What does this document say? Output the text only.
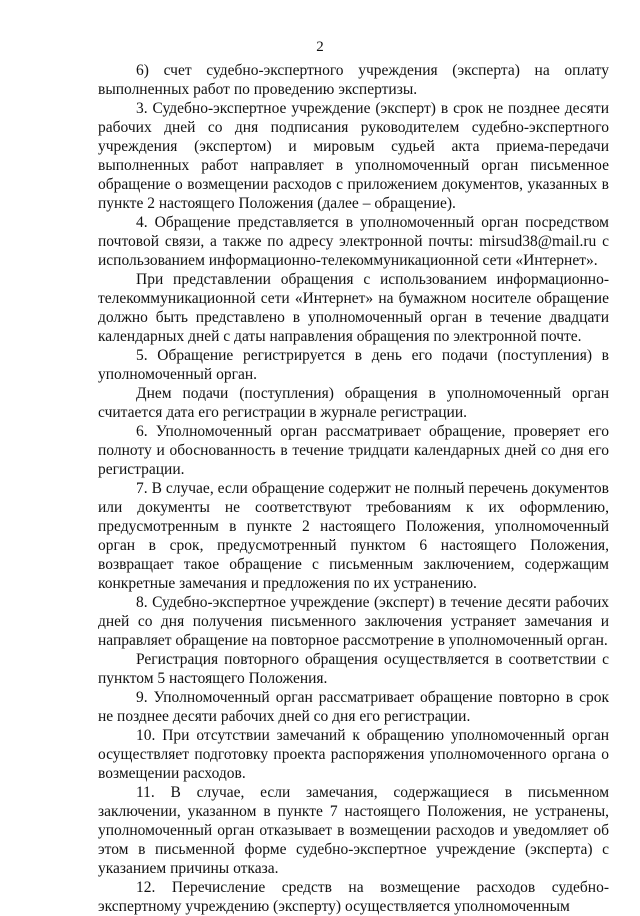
2

6) счет судебно-экспертного учреждения (эксперта) на оплату выполненных работ по проведению экспертизы.

3. Судебно-экспертное учреждение (эксперт) в срок не позднее десяти рабочих дней со дня подписания руководителем судебно-экспертного учреждения (экспертом) и мировым судьей акта приема-передачи выполненных работ направляет в уполномоченный орган письменное обращение о возмещении расходов с приложением документов, указанных в пункте 2 настоящего Положения (далее – обращение).

4. Обращение представляется в уполномоченный орган посредством почтовой связи, а также по адресу электронной почты: mirsud38@mail.ru с использованием информационно-телекоммуникационной сети «Интернет».

При представлении обращения с использованием информационно-телекоммуникационной сети «Интернет» на бумажном носителе обращение должно быть представлено в уполномоченный орган в течение двадцати календарных дней с даты направления обращения по электронной почте.

5. Обращение регистрируется в день его подачи (поступления) в уполномоченный орган.

Днем подачи (поступления) обращения в уполномоченный орган считается дата его регистрации в журнале регистрации.

6. Уполномоченный орган рассматривает обращение, проверяет его полноту и обоснованность в течение тридцати календарных дней со дня его регистрации.

7. В случае, если обращение содержит не полный перечень документов или документы не соответствуют требованиям к их оформлению, предусмотренным в пункте 2 настоящего Положения, уполномоченный орган в срок, предусмотренный пунктом 6 настоящего Положения, возвращает такое обращение с письменным заключением, содержащим конкретные замечания и предложения по их устранению.

8. Судебно-экспертное учреждение (эксперт) в течение десяти рабочих дней со дня получения письменного заключения устраняет замечания и направляет обращение на повторное рассмотрение в уполномоченный орган.

Регистрация повторного обращения осуществляется в соответствии с пунктом 5 настоящего Положения.

9. Уполномоченный орган рассматривает обращение повторно в срок не позднее десяти рабочих дней со дня его регистрации.

10. При отсутствии замечаний к обращению уполномоченный орган осуществляет подготовку проекта распоряжения уполномоченного органа о возмещении расходов.

11. В случае, если замечания, содержащиеся в письменном заключении, указанном в пункте 7 настоящего Положения, не устранены, уполномоченный орган отказывает в возмещении расходов и уведомляет об этом в письменной форме судебно-экспертное учреждение (эксперта) с указанием причины отказа.

12. Перечисление средств на возмещение расходов судебно-экспертному учреждению (эксперту) осуществляется уполномоченным
